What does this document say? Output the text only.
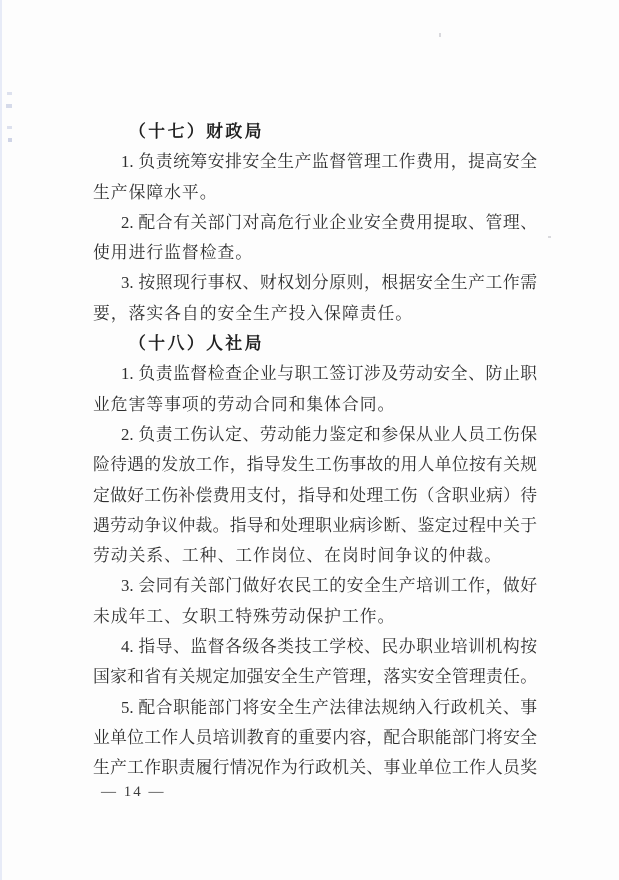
（十七）财政局
1. 负责统筹安排安全生产监督管理工作费用，提高安全
生产保障水平。
2. 配合有关部门对高危行业企业安全费用提取、管理、
使用进行监督检查。
3. 按照现行事权、财权划分原则，根据安全生产工作需
要，落实各自的安全生产投入保障责任。
（十八）人社局
1. 负责监督检查企业与职工签订涉及劳动安全、防止职
业危害等事项的劳动合同和集体合同。
2. 负责工伤认定、劳动能力鉴定和参保从业人员工伤保
险待遇的发放工作，指导发生工伤事故的用人单位按有关规
定做好工伤补偿费用支付，指导和处理工伤（含职业病）待
遇劳动争议仲裁。指导和处理职业病诊断、鉴定过程中关于
劳动关系、工种、工作岗位、在岗时间争议的仲裁。
3. 会同有关部门做好农民工的安全生产培训工作，做好
未成年工、女职工特殊劳动保护工作。
4. 指导、监督各级各类技工学校、民办职业培训机构按
国家和省有关规定加强安全生产管理，落实安全管理责任。
5. 配合职能部门将安全生产法律法规纳入行政机关、事
业单位工作人员培训教育的重要内容，配合职能部门将安全
生产工作职责履行情况作为行政机关、事业单位工作人员奖
— 14 —
